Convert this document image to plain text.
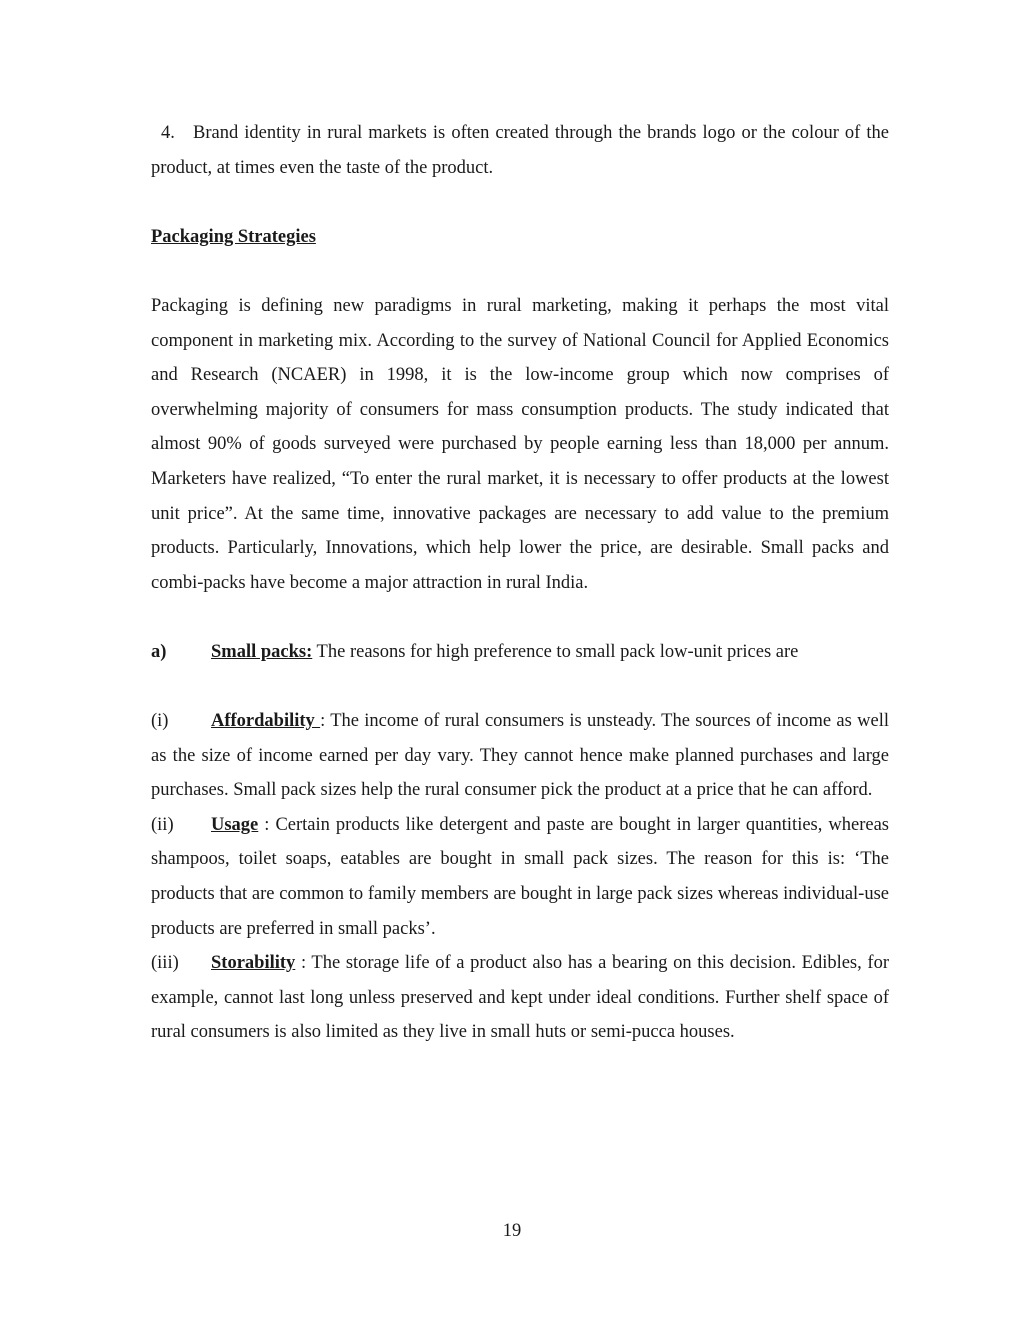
4. Brand identity in rural markets is often created through the brands logo or the colour of the product, at times even the taste of the product.

Packaging Strategies

Packaging is defining new paradigms in rural marketing, making it perhaps the most vital component in marketing mix. According to the survey of National Council for Applied Economics and Research (NCAER) in 1998, it is the low-income group which now comprises of overwhelming majority of consumers for mass consumption products. The study indicated that almost 90% of goods surveyed were purchased by people earning less than 18,000 per annum. Marketers have realized, “To enter the rural market, it is necessary to offer products at the lowest unit price”. At the same time, innovative packages are necessary to add value to the premium products. Particularly, Innovations, which help lower the price, are desirable. Small packs and combi-packs have become a major attraction in rural India.

a) Small packs: The reasons for high preference to small pack low-unit prices are

(i) Affordability : The income of rural consumers is unsteady. The sources of income as well as the size of income earned per day vary. They cannot hence make planned purchases and large purchases. Small pack sizes help the rural consumer pick the product at a price that he can afford.

(ii) Usage : Certain products like detergent and paste are bought in larger quantities, whereas shampoos, toilet soaps, eatables are bought in small pack sizes. The reason for this is: ‘The products that are common to family members are bought in large pack sizes whereas individual-use products are preferred in small packs’.

(iii) Storability : The storage life of a product also has a bearing on this decision. Edibles, for example, cannot last long unless preserved and kept under ideal conditions. Further shelf space of rural consumers is also limited as they live in small huts or semi-pucca houses.

19
